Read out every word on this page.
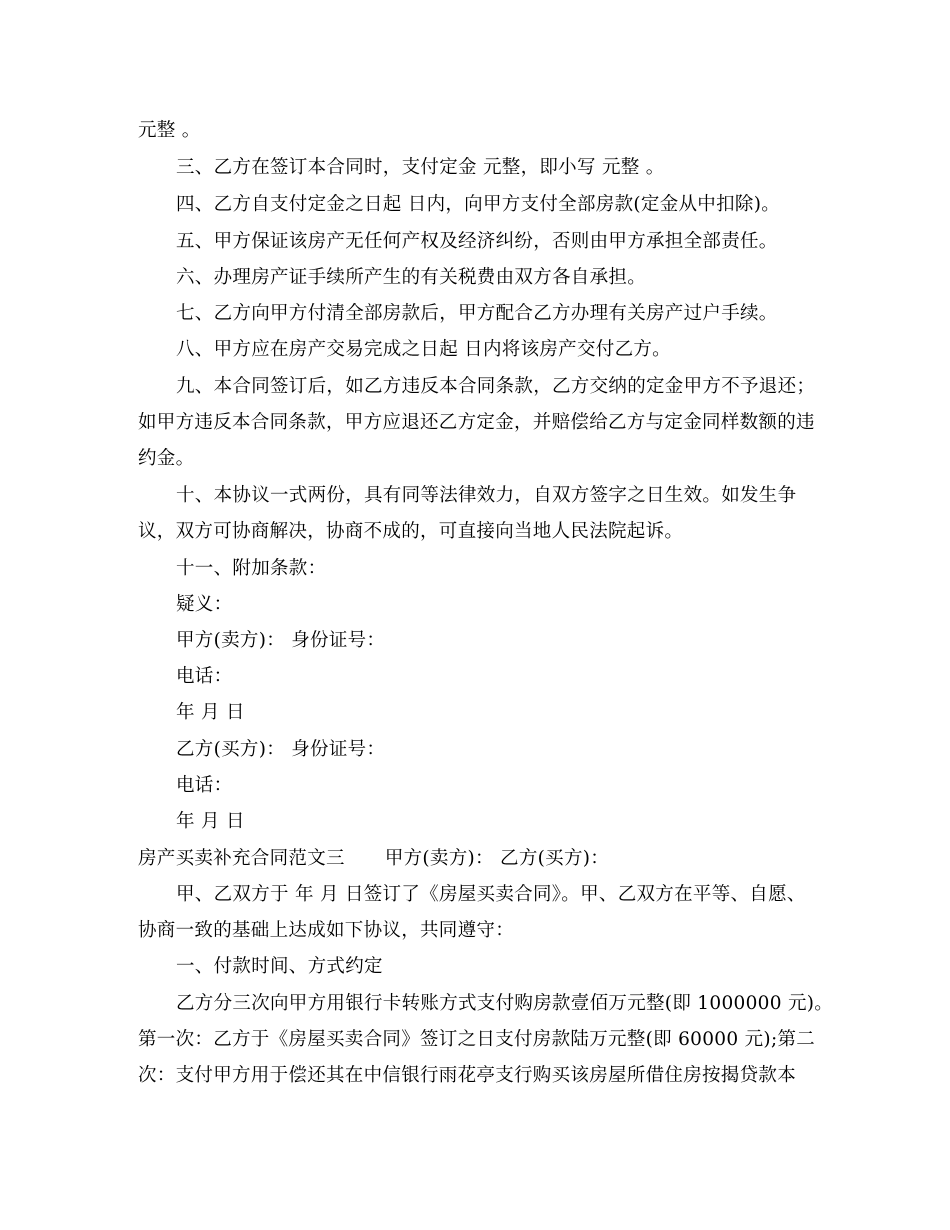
元整 。
三、乙方在签订本合同时，支付定金 元整，即小写 元整 。
四、乙方自支付定金之日起 日内，向甲方支付全部房款(定金从中扣除)。
五、甲方保证该房产无任何产权及经济纠纷，否则由甲方承担全部责任。
六、办理房产证手续所产生的有关税费由双方各自承担。
七、乙方向甲方付清全部房款后，甲方配合乙方办理有关房产过户手续。
八、甲方应在房产交易完成之日起 日内将该房产交付乙方。
九、本合同签订后，如乙方违反本合同条款，乙方交纳的定金甲方不予退还；
如甲方违反本合同条款，甲方应退还乙方定金，并赔偿给乙方与定金同样数额的违
约金。
十、本协议一式两份，具有同等法律效力，自双方签字之日生效。如发生争
议，双方可协商解决，协商不成的，可直接向当地人民法院起诉。
十一、附加条款：
疑义：
甲方(卖方)： 身份证号：
电话：
年 月 日
乙方(买方)： 身份证号：
电话：
年 月 日
房产买卖补充合同范文三 甲方(卖方)： 乙方(买方)：
甲、乙双方于 年 月 日签订了《房屋买卖合同》。甲、乙双方在平等、自愿、
协商一致的基础上达成如下协议，共同遵守：
一、付款时间、方式约定
乙方分三次向甲方用银行卡转账方式支付购房款壹佰万元整(即 1000000 元)。
第一次：乙方于《房屋买卖合同》签订之日支付房款陆万元整(即 60000 元);第二
次：支付甲方用于偿还其在中信银行雨花亭支行购买该房屋所借住房按揭贷款本
